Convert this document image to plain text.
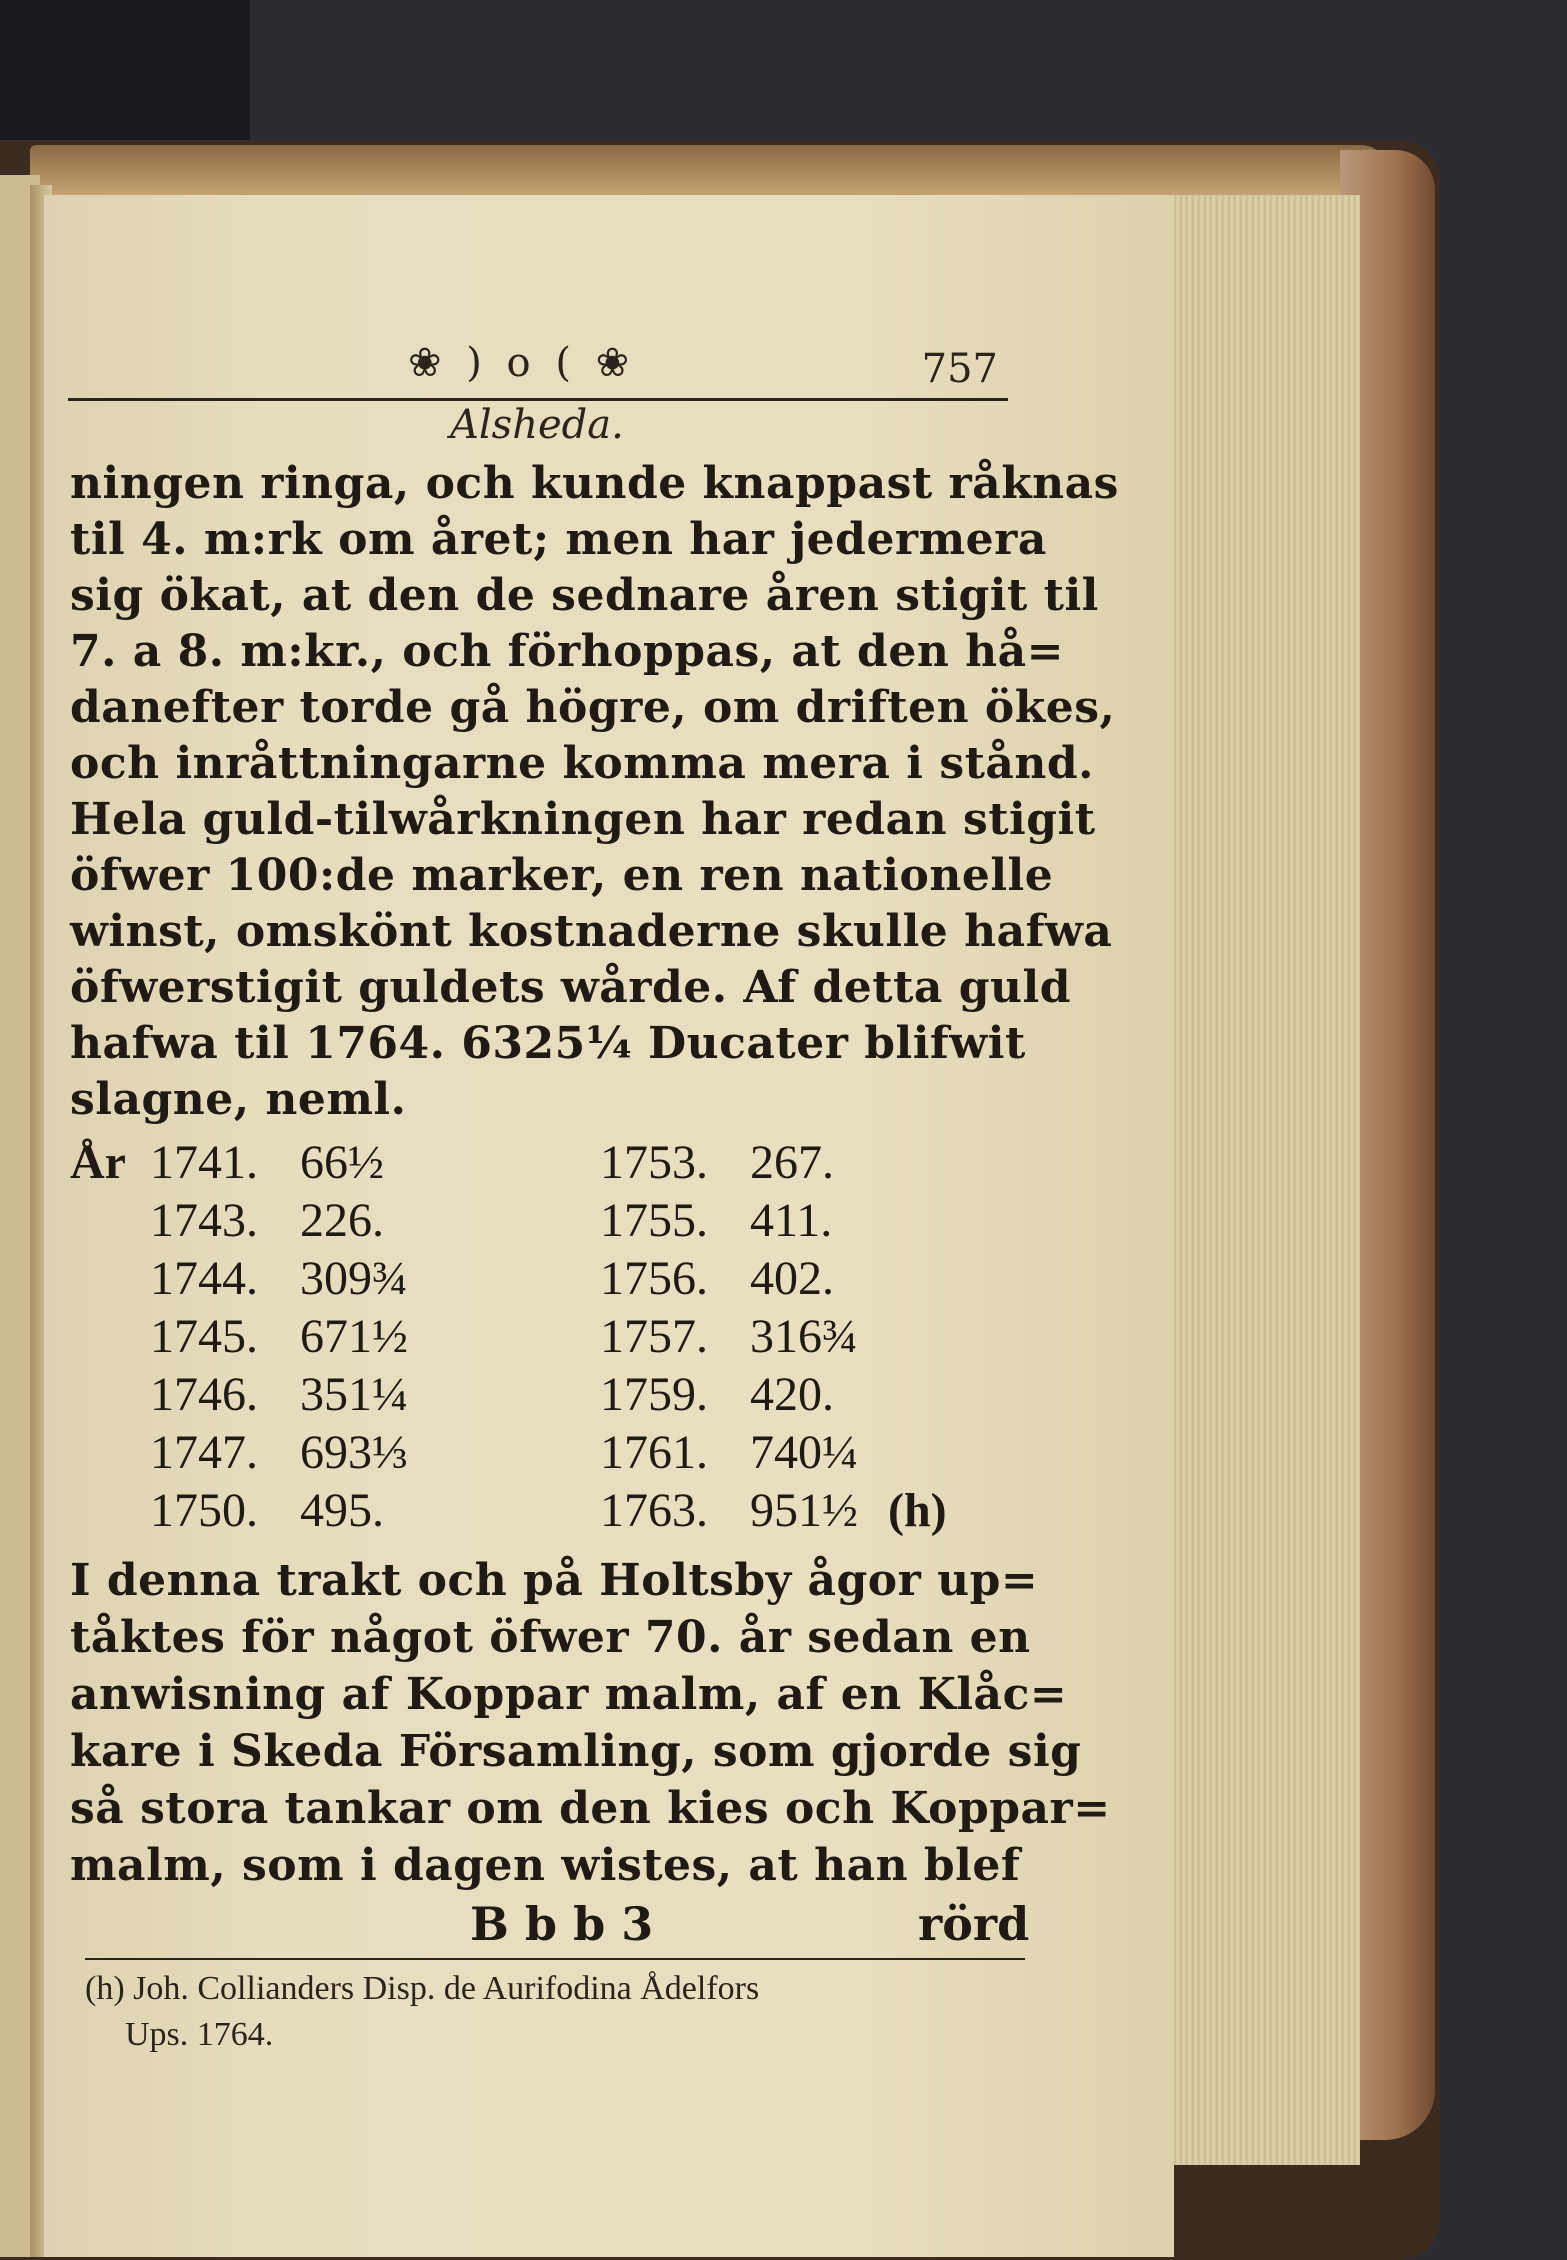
❀ ) o ( ❀	757
Alsheda.
ningen ringa, och kunde knappast råknas
til 4. m:rk om året; men har jedermera
sig ökat, at den de sednare åren stigit til
7. a 8. m:kr., och förhoppas, at den hå=
danefter torde gå högre, om driften ökes,
och inråttningarne komma mera i stånd.
Hela guld-tilwårkningen har redan stigit
öfwer 100:de marker, en ren nationelle
winst, omskönt kostnaderne skulle hafwa
öfwerstigit guldets wårde. Af detta guld
hafwa til 1764. 6325¼ Ducater blifwit
slagne, neml.
År 1741. 66½
1743. 226.
1744. 309¾
1745. 671½
1746. 351¼
1747. 693⅓
1750. 495.
1753. 267.
1755. 411.
1756. 402.
1757. 316¾
1759. 420.
1761. 740¼
1763. 951½ (h)
I denna trakt och på Holtsby ågor up=
tåktes för något öfwer 70. år sedan en
anwisning af Koppar malm, af en Klåc=
kare i Skeda Församling, som gjorde sig
så stora tankar om den kies och Koppar=
malm, som i dagen wistes, at han blef
B b b 3	rörd
(h) Joh. Collianders Disp. de Aurifodina Ådelfors
Ups. 1764.
